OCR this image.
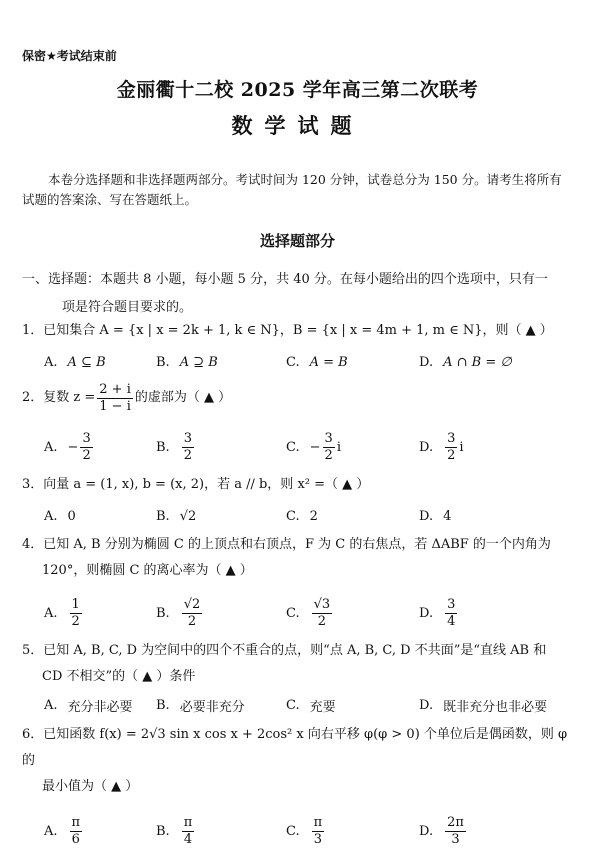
保密★考试结束前
金丽衢十二校 2025 学年高三第二次联考
数学试题
本卷分选择题和非选择题两部分。考试时间为 120 分钟，试卷总分为 150 分。请考生将所有试题的答案涂、写在答题纸上。
选择题部分
一、选择题：本题共 8 小题，每小题 5 分，共 40 分。在每小题给出的四个选项中，只有一
项是符合题目要求的。
1．已知集合 A = {x | x = 2k + 1, k ∈ N}，B = {x | x = 4m + 1, m ∈ N}，则（ ▲ ）
A. A ⊆ B	B. A ⊇ B	C. A = B	D. A ∩ B = ∅
2．复数 $z = \frac{2 + i}{1 - i}$ 的虚部为（ ▲ ）
A. − $\frac{3}{2}$	B. $\frac{3}{2}$	C. − $\frac{3}{2}$ i	D. $\frac{3}{2}$ i
3．向量 a = (1, x), b = (x, 2)，若 a // b，则 x² =（ ▲ ）
A. 0	B. √2	C. 2	D. 4
4．已知 A, B 分别为椭圆 C 的上顶点和右顶点，F 为 C 的右焦点，若 ΔABF 的一个内角为
120°，则椭圆 C 的离心率为（ ▲ ）
A. $\frac{1}{2}$	B. $\frac{√2}{2}$	C. $\frac{√3}{2}$	D. $\frac{3}{4}$
5．已知 A, B, C, D 为空间中的四个不重合的点，则“点 A, B, C, D 不共面”是“直线 AB 和
CD 不相交”的（ ▲ ）条件
A. 充分非必要 B. 必要非充分	C. 充要	D. 既非充分也非必要
6．已知函数 f(x) = 2√3 sin x cos x + 2cos² x 向右平移 φ(φ > 0) 个单位后是偶函数，则 φ 的
最小值为（ ▲ ）
A. $\frac{\pi}{6}$	B. $\frac{\pi}{4}$	C. $\frac{\pi}{3}$	D. $\frac{2\pi}{3}$
